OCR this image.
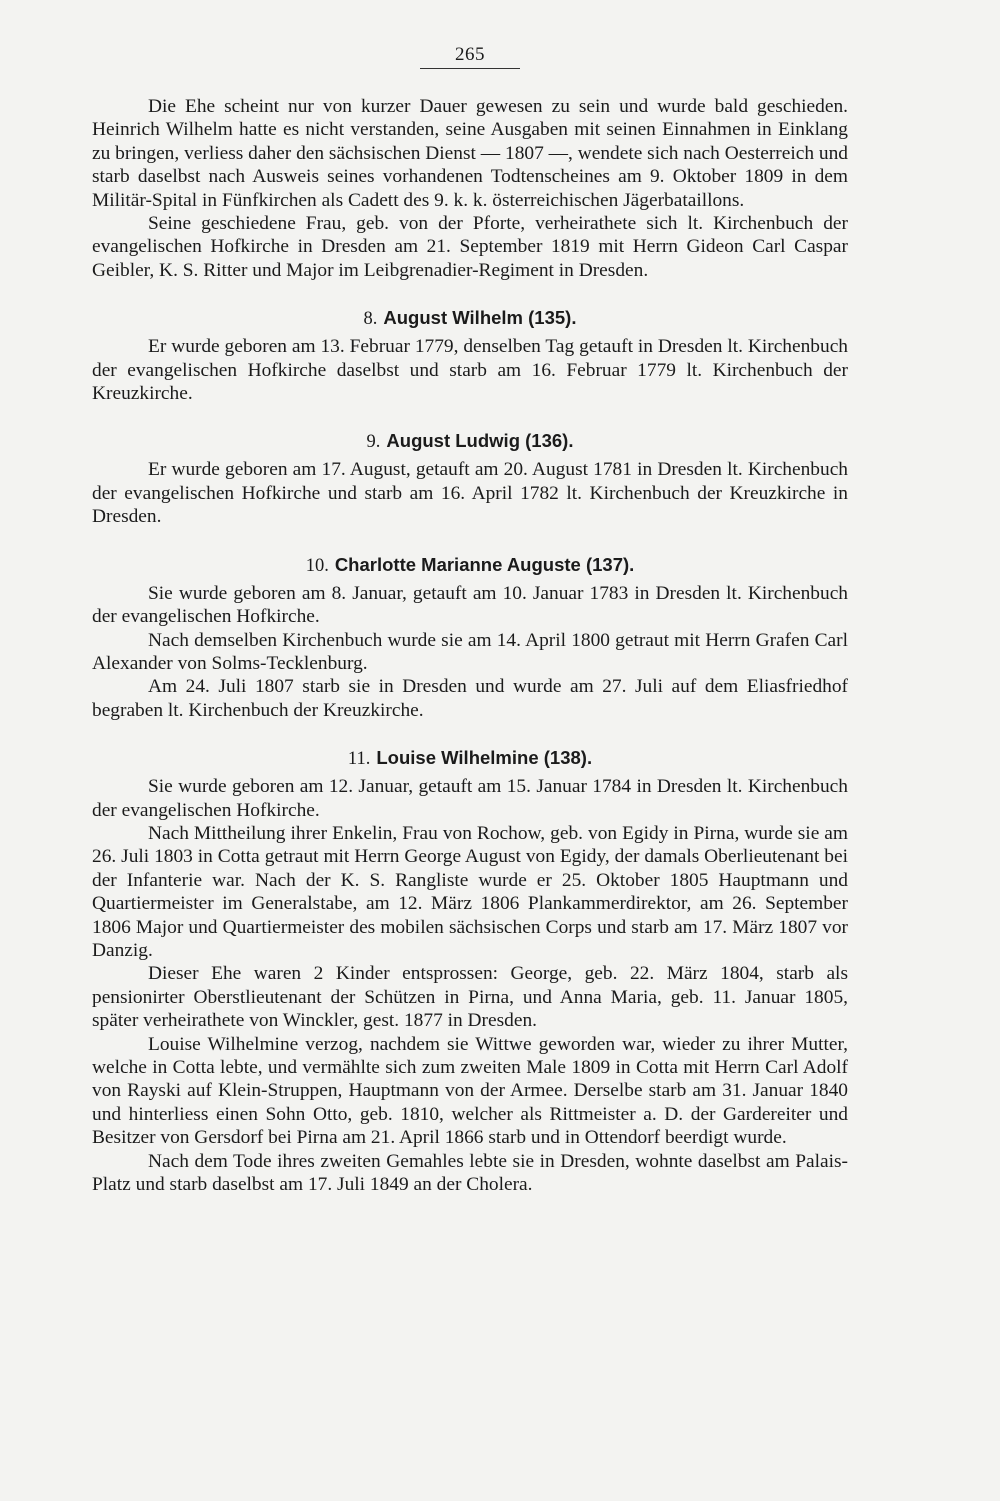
265

Die Ehe scheint nur von kurzer Dauer gewesen zu sein und wurde bald geschieden. Heinrich Wilhelm hatte es nicht verstanden, seine Ausgaben mit seinen Einnahmen in Einklang zu bringen, verliess daher den sächsischen Dienst — 1807 —, wendete sich nach Oesterreich und starb daselbst nach Ausweis seines vorhandenen Todtenscheines am 9. Oktober 1809 in dem Militär-Spital in Fünfkirchen als Cadett des 9. k. k. österreichischen Jägerbataillons.

Seine geschiedene Frau, geb. von der Pforte, verheirathete sich lt. Kirchenbuch der evangelischen Hofkirche in Dresden am 21. September 1819 mit Herrn Gideon Carl Caspar Geibler, K. S. Ritter und Major im Leibgrenadier-Regiment in Dresden.

8. August Wilhelm (135).

Er wurde geboren am 13. Februar 1779, denselben Tag getauft in Dresden lt. Kirchenbuch der evangelischen Hofkirche daselbst und starb am 16. Februar 1779 lt. Kirchenbuch der Kreuzkirche.

9. August Ludwig (136).

Er wurde geboren am 17. August, getauft am 20. August 1781 in Dresden lt. Kirchenbuch der evangelischen Hofkirche und starb am 16. April 1782 lt. Kirchenbuch der Kreuzkirche in Dresden.

10. Charlotte Marianne Auguste (137).

Sie wurde geboren am 8. Januar, getauft am 10. Januar 1783 in Dresden lt. Kirchenbuch der evangelischen Hofkirche.

Nach demselben Kirchenbuch wurde sie am 14. April 1800 getraut mit Herrn Grafen Carl Alexander von Solms-Tecklenburg.

Am 24. Juli 1807 starb sie in Dresden und wurde am 27. Juli auf dem Eliasfriedhof begraben lt. Kirchenbuch der Kreuzkirche.

11. Louise Wilhelmine (138).

Sie wurde geboren am 12. Januar, getauft am 15. Januar 1784 in Dresden lt. Kirchenbuch der evangelischen Hofkirche.

Nach Mittheilung ihrer Enkelin, Frau von Rochow, geb. von Egidy in Pirna, wurde sie am 26. Juli 1803 in Cotta getraut mit Herrn George August von Egidy, der damals Oberlieutenant bei der Infanterie war. Nach der K. S. Rangliste wurde er 25. Oktober 1805 Hauptmann und Quartiermeister im Generalstabe, am 12. März 1806 Plankammerdirektor, am 26. September 1806 Major und Quartiermeister des mobilen sächsischen Corps und starb am 17. März 1807 vor Danzig.

Dieser Ehe waren 2 Kinder entsprossen: George, geb. 22. März 1804, starb als pensionirter Oberstlieutenant der Schützen in Pirna, und Anna Maria, geb. 11. Januar 1805, später verheirathete von Winckler, gest. 1877 in Dresden.

Louise Wilhelmine verzog, nachdem sie Wittwe geworden war, wieder zu ihrer Mutter, welche in Cotta lebte, und vermählte sich zum zweiten Male 1809 in Cotta mit Herrn Carl Adolf von Rayski auf Klein-Struppen, Hauptmann von der Armee. Derselbe starb am 31. Januar 1840 und hinterliess einen Sohn Otto, geb. 1810, welcher als Rittmeister a. D. der Gardereiter und Besitzer von Gersdorf bei Pirna am 21. April 1866 starb und in Ottendorf beerdigt wurde.

Nach dem Tode ihres zweiten Gemahles lebte sie in Dresden, wohnte daselbst am Palais-Platz und starb daselbst am 17. Juli 1849 an der Cholera.
